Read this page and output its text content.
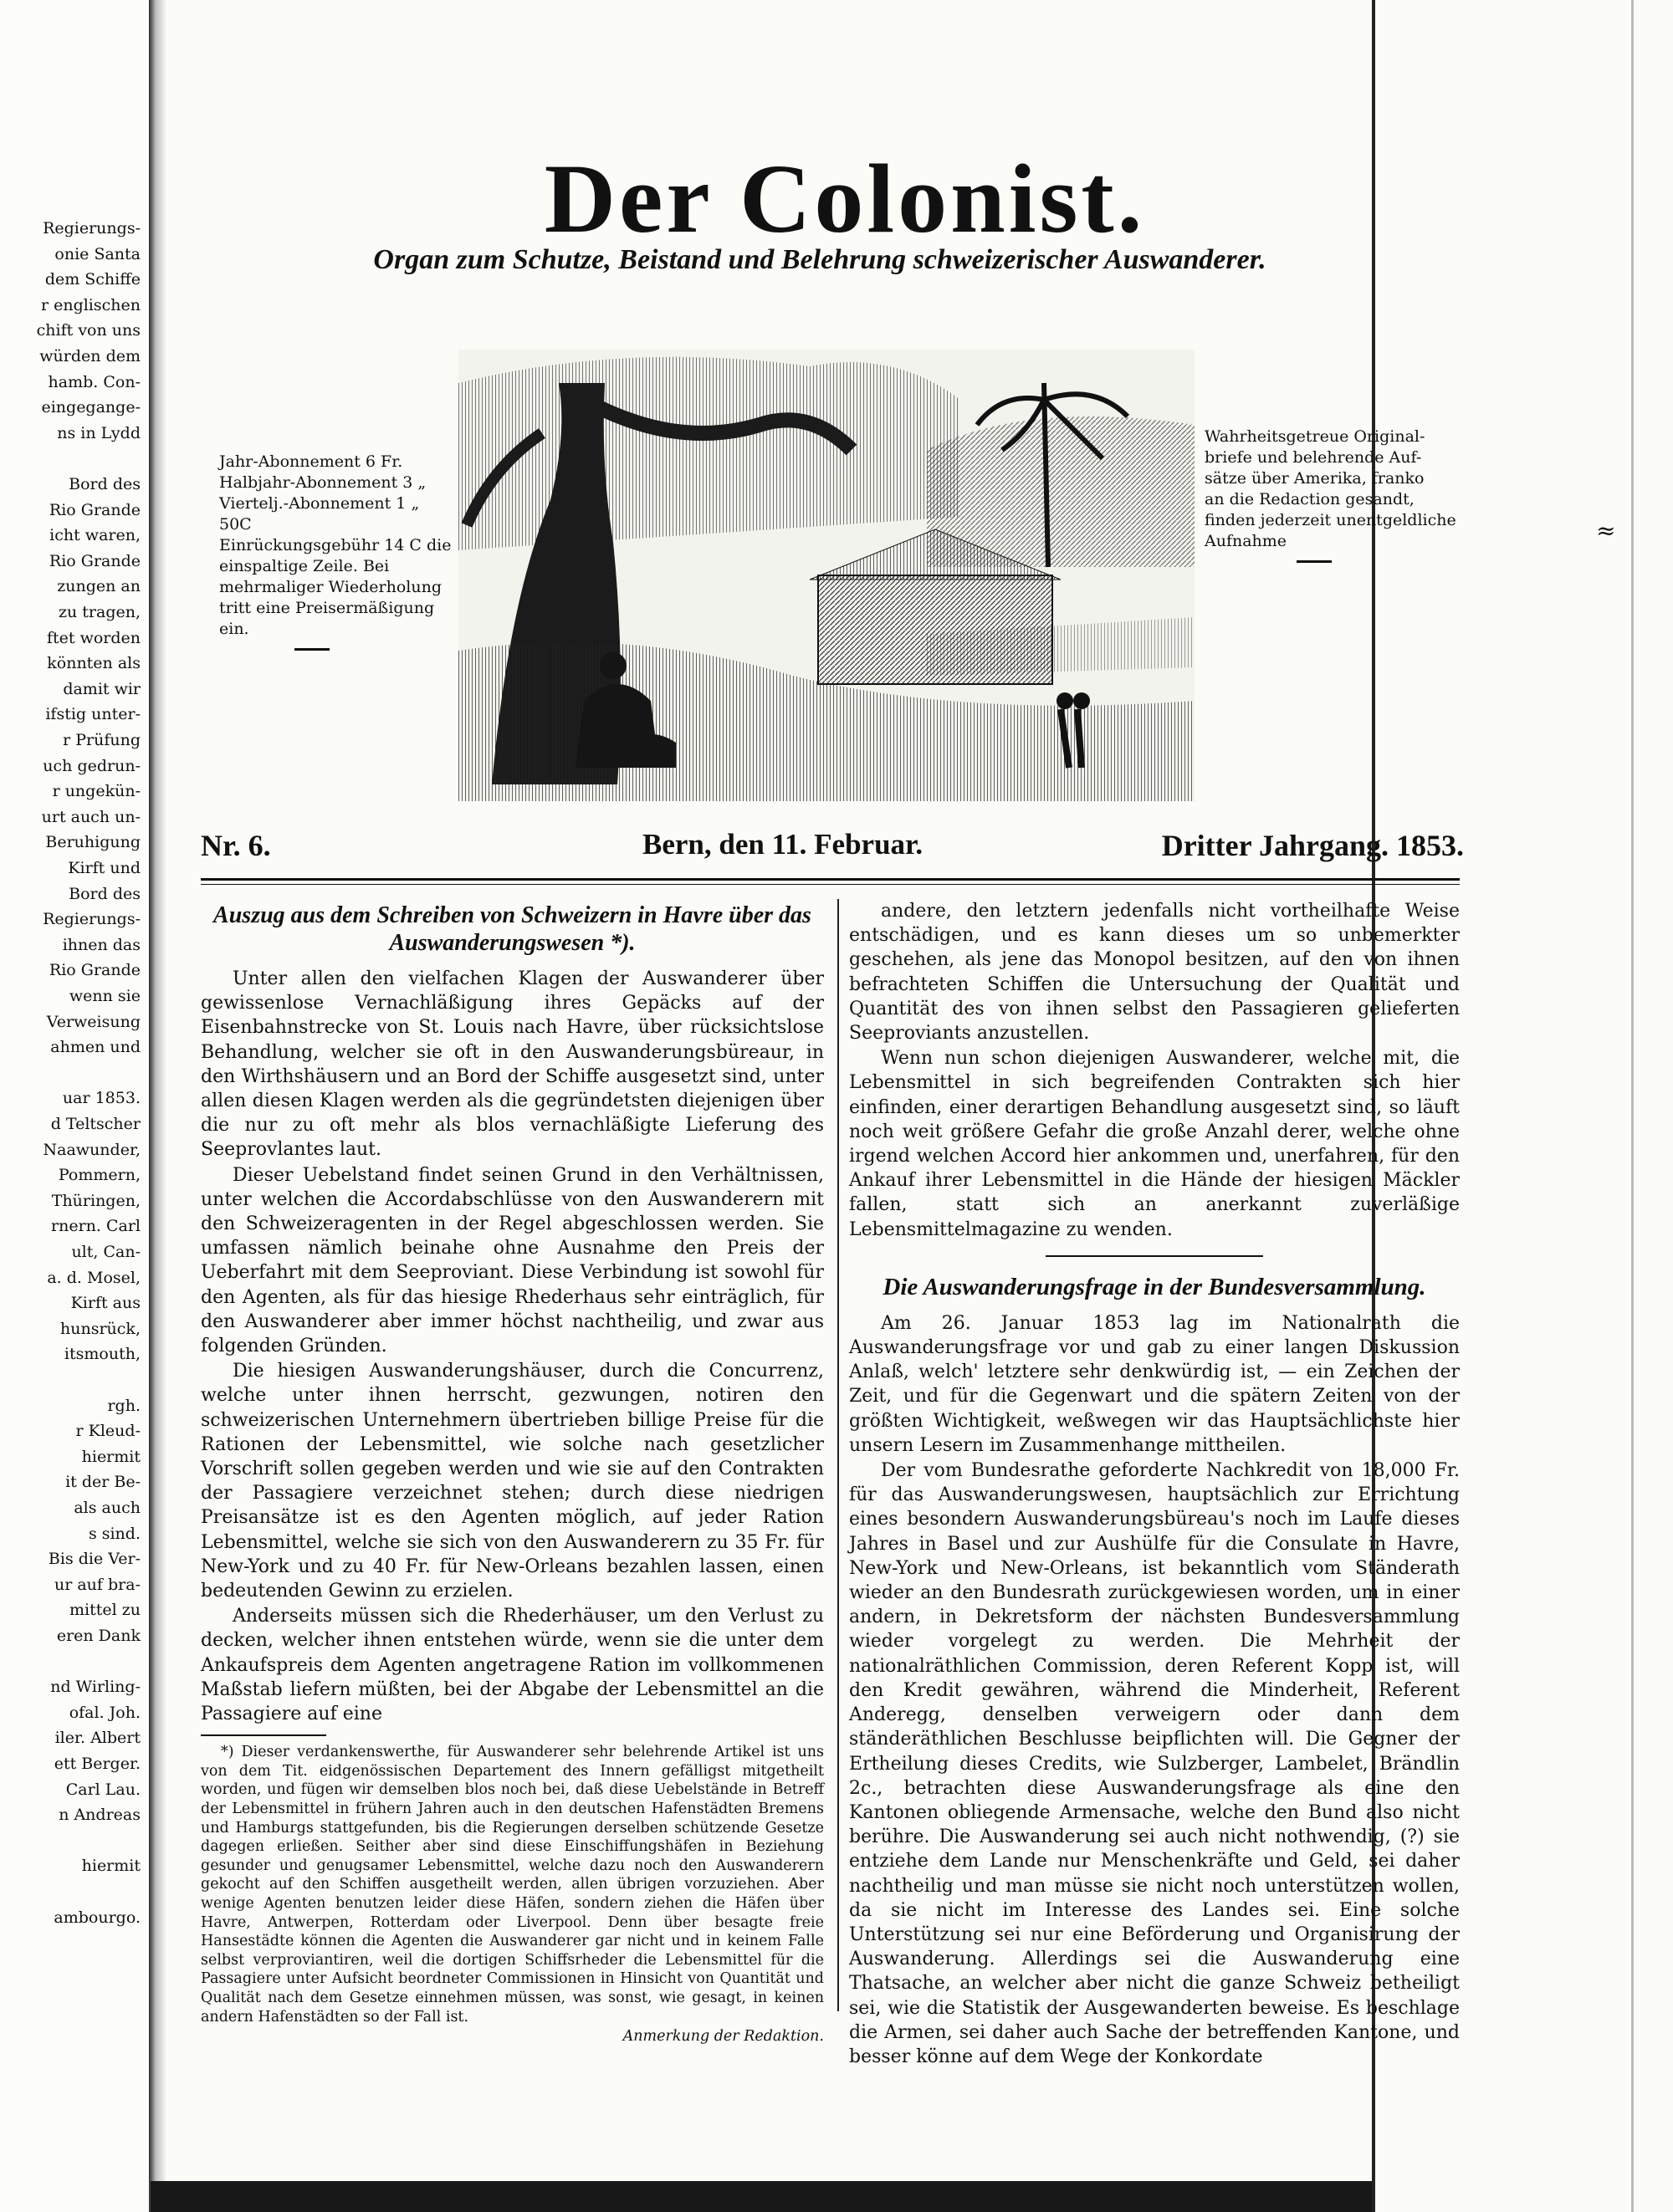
Regierungs-
onie Santa
dem Schiffe
r englischen
chift von uns
würden dem
hamb. Con-
eingegange-
ns in Lydd
Bord des
Rio Grande
icht waren,
Rio Grande
zungen an
zu tragen,
ftet worden
könnten als
damit wir
ifstig unter-
r Prüfung
uch gedrun-
r ungekün-
urt auch un-
Beruhigung
Kirft und
Bord des
Regierungs-
ihnen das
Rio Grande
wenn sie
Verweisung
ahmen und
uar 1853.
d Teltscher
Naawunder,
Pommern,
Thüringen,
rnern. Carl
ult, Can-
a. d. Mosel,
Kirft aus
hunsrück,
itsmouth,
rgh.
r Kleud-
hiermit
it der Be-
als auch
s sind.
Bis die Ver-
ur auf bra-
mittel zu
eren Dank
nd Wirling-
ofal. Joh.
iler. Albert
ett Berger.
Carl Lau.
n Andreas
hiermit
ambourgo.
Der Colonist.
Organ zum Schutze, Beistand und Belehrung schweizerischer Auswanderer.
Jahr-Abonnement 6 Fr.
Halbjahr-Abonnement 3 „
Viertelj.-Abonnement 1 „ 50C
Einrückungsgebühr 14 C die
einspaltige Zeile. Bei
mehrmaliger Wiederholung
tritt eine Preisermäßigung
ein.
Wahrheitsgetreue Original-
briefe und belehrende Auf-
sätze über Amerika, franko
an die Redaction gesandt,
finden jederzeit unentgeldliche
Aufnahme	≈
Nr. 6.	Bern, den 11. Februar.	Dritter Jahrgang. 1853.
Auszug aus dem Schreiben von Schweizern in Havre über das Auswanderungswesen *).

Unter allen den vielfachen Klagen der Auswanderer über gewissenlose Vernachläßigung ihres Gepäcks auf der Eisenbahnstrecke von St. Louis nach Havre, über rücksichtslose Behandlung, welcher sie oft in den Auswanderungsbüreaur, in den Wirthshäusern und an Bord der Schiffe ausgesetzt sind, unter allen diesen Klagen werden als die gegründetsten diejenigen über die nur zu oft mehr als blos vernachläßigte Lieferung des Seeprovlantes laut.

Dieser Uebelstand findet seinen Grund in den Verhältnissen, unter welchen die Accordabschlüsse von den Auswanderern mit den Schweizeragenten in der Regel abgeschlossen werden. Sie umfassen nämlich beinahe ohne Ausnahme den Preis der Ueberfahrt mit dem Seeproviant. Diese Verbindung ist sowohl für den Agenten, als für das hiesige Rhederhaus sehr einträglich, für den Auswanderer aber immer höchst nachtheilig, und zwar aus folgenden Gründen.

Die hiesigen Auswanderungshäuser, durch die Concurrenz, welche unter ihnen herrscht, gezwungen, notiren den schweizerischen Unternehmern übertrieben billige Preise für die Rationen der Lebensmittel, wie solche nach gesetzlicher Vorschrift sollen gegeben werden und wie sie auf den Contrakten der Passagiere verzeichnet stehen; durch diese niedrigen Preisansätze ist es den Agenten möglich, auf jeder Ration Lebensmittel, welche sie sich von den Auswanderern zu 35 Fr. für New-York und zu 40 Fr. für New-Orleans bezahlen lassen, einen bedeutenden Gewinn zu erzielen.

Anderseits müssen sich die Rhederhäuser, um den Verlust zu decken, welcher ihnen entstehen würde, wenn sie die unter dem Ankaufspreis dem Agenten angetragene Ration im vollkommenen Maßstab liefern müßten, bei der Abgabe der Lebensmittel an die Passagiere auf eine

*) Dieser verdankenswerthe, für Auswanderer sehr belehrende Artikel ist uns von dem Tit. eidgenössischen Departement des Innern gefälligst mitgetheilt worden, und fügen wir demselben blos noch bei, daß diese Uebelstände in Betreff der Lebensmittel in frühern Jahren auch in den deutschen Hafenstädten Bremens und Hamburgs stattgefunden, bis die Regierungen derselben schützende Gesetze dagegen erließen. Seither aber sind diese Einschiffungshäfen in Beziehung gesunder und genugsamer Lebensmittel, welche dazu noch den Auswanderern gekocht auf den Schiffen ausgetheilt werden, allen übrigen vorzuziehen. Aber wenige Agenten benutzen leider diese Häfen, sondern ziehen die Häfen über Havre, Antwerpen, Rotterdam oder Liverpool. Denn über besagte freie Hansestädte können die Agenten die Auswanderer gar nicht und in keinem Falle selbst verproviantiren, weil die dortigen Schiffsrheder die Lebensmittel für die Passagiere unter Aufsicht beordneter Commissionen in Hinsicht von Quantität und Qualität nach dem Gesetze einnehmen müssen, was sonst, wie gesagt, in keinen andern Hafenstädten so der Fall ist.

Anmerkung der Redaktion.

andere, den letztern jedenfalls nicht vortheilhafte Weise entschädigen, und es kann dieses um so unbemerkter geschehen, als jene das Monopol besitzen, auf den von ihnen befrachteten Schiffen die Untersuchung der Qualität und Quantität des von ihnen selbst den Passagieren gelieferten Seeproviants anzustellen.

Wenn nun schon diejenigen Auswanderer, welche mit, die Lebensmittel in sich begreifenden Contrakten sich hier einfinden, einer derartigen Behandlung ausgesetzt sind, so läuft noch weit größere Gefahr die große Anzahl derer, welche ohne irgend welchen Accord hier ankommen und, unerfahren, für den Ankauf ihrer Lebensmittel in die Hände der hiesigen Mäckler fallen, statt sich an anerkannt zuverläßige Lebensmittelmagazine zu wenden.

Die Auswanderungsfrage in der Bundesversammlung.

Am 26. Januar 1853 lag im Nationalrath die Auswanderungsfrage vor und gab zu einer langen Diskussion Anlaß, welch' letztere sehr denkwürdig ist, — ein Zeichen der Zeit, und für die Gegenwart und die spätern Zeiten von der größten Wichtigkeit, weßwegen wir das Hauptsächlichste hier unsern Lesern im Zusammenhange mittheilen.

Der vom Bundesrathe geforderte Nachkredit von 18,000 Fr. für das Auswanderungswesen, hauptsächlich zur Errichtung eines besondern Auswanderungsbüreau's noch im Laufe dieses Jahres in Basel und zur Aushülfe für die Consulate in Havre, New-York und New-Orleans, ist bekanntlich vom Ständerath wieder an den Bundesrath zurückgewiesen worden, um in einer andern, in Dekretsform der nächsten Bundesversammlung wieder vorgelegt zu werden. Die Mehrheit der nationalräthlichen Commission, deren Referent Kopp ist, will den Kredit gewähren, während die Minderheit, Referent Anderegg, denselben verweigern oder dann dem ständeräthlichen Beschlusse beipflichten will. Die Gegner der Ertheilung dieses Credits, wie Sulzberger, Lambelet, Brändlin 2c., betrachten diese Auswanderungsfrage als eine den Kantonen obliegende Armensache, welche den Bund also nicht berühre. Die Auswanderung sei auch nicht nothwendig, (?) sie entziehe dem Lande nur Menschenkräfte und Geld, sei daher nachtheilig und man müsse sie nicht noch unterstützen wollen, da sie nicht im Interesse des Landes sei. Eine solche Unterstützung sei nur eine Beförderung und Organisirung der Auswanderung. Allerdings sei die Auswanderung eine Thatsache, an welcher aber nicht die ganze Schweiz betheiligt sei, wie die Statistik der Ausgewanderten beweise. Es beschlage die Armen, sei daher auch Sache der betreffenden Kantone, und besser könne auf dem Wege der Konkordate
